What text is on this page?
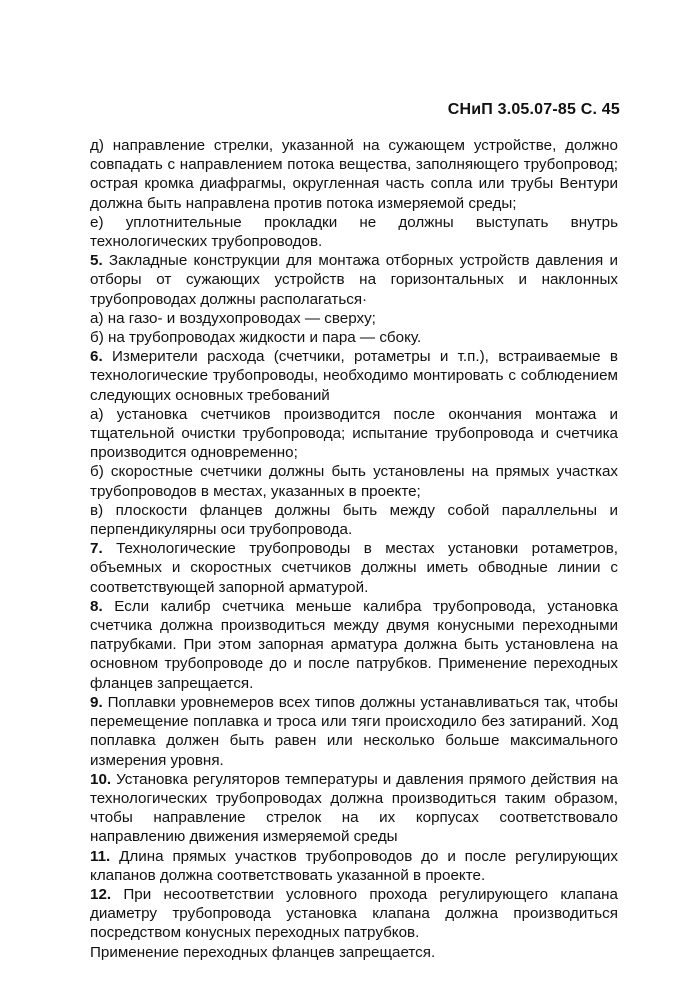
СНиП 3.05.07-85 С. 45

д) направление стрелки, указанной на сужающем устройстве, должно совпадать с направлением потока вещества, заполняющего трубопровод; острая кромка диафрагмы, округленная часть сопла или трубы Вентури должна быть направлена против потока измеряемой среды;

е) уплотнительные прокладки не должны выступать внутрь технологических трубопроводов.

5. Закладные конструкции для монтажа отборных устройств давления и отборы от сужающих устройств на горизонтальных и наклонных трубопроводах должны располагаться·

а) на газо- и воздухопроводах — сверху;

б) на трубопроводах жидкости и пара — сбоку.

6. Измерители расхода (счетчики, ротаметры и т.п.), встраиваемые в технологические трубопроводы, необходимо монтировать с соблюдением следующих основных требований

а) установка счетчиков производится после окончания монтажа и тщательной очистки трубопровода; испытание трубопровода и счетчика производится одновременно;

б) скоростные счетчики должны быть установлены на прямых участках трубопроводов в местах, указанных в проекте;

в) плоскости фланцев должны быть между собой параллельны и перпендикулярны оси трубопровода.

7. Технологические трубопроводы в местах установки ротаметров, объемных и скоростных счетчиков должны иметь обводные линии с соответствующей запорной арматурой.

8. Если калибр счетчика меньше калибра трубопровода, установка счетчика должна производиться между двумя конусными переходными патрубками. При этом запорная арматура должна быть установлена на основном трубопроводе до и после патрубков. Применение переходных фланцев запрещается.

9. Поплавки уровнемеров всех типов должны устанавливаться так, чтобы перемещение поплавка и троса или тяги происходило без затираний. Ход поплавка должен быть равен или несколько больше максимального измерения уровня.

10. Установка регуляторов температуры и давления прямого действия на технологических трубопроводах должна производиться таким образом, чтобы направление стрелок на их корпусах соответствовало направлению движения измеряемой среды

11. Длина прямых участков трубопроводов до и после регулирующих клапанов должна соответствовать указанной в проекте.

12. При несоответствии условного прохода регулирующего клапана диаметру трубопровода установка клапана должна производиться посредством конусных переходных патрубков.

Применение переходных фланцев запрещается.
